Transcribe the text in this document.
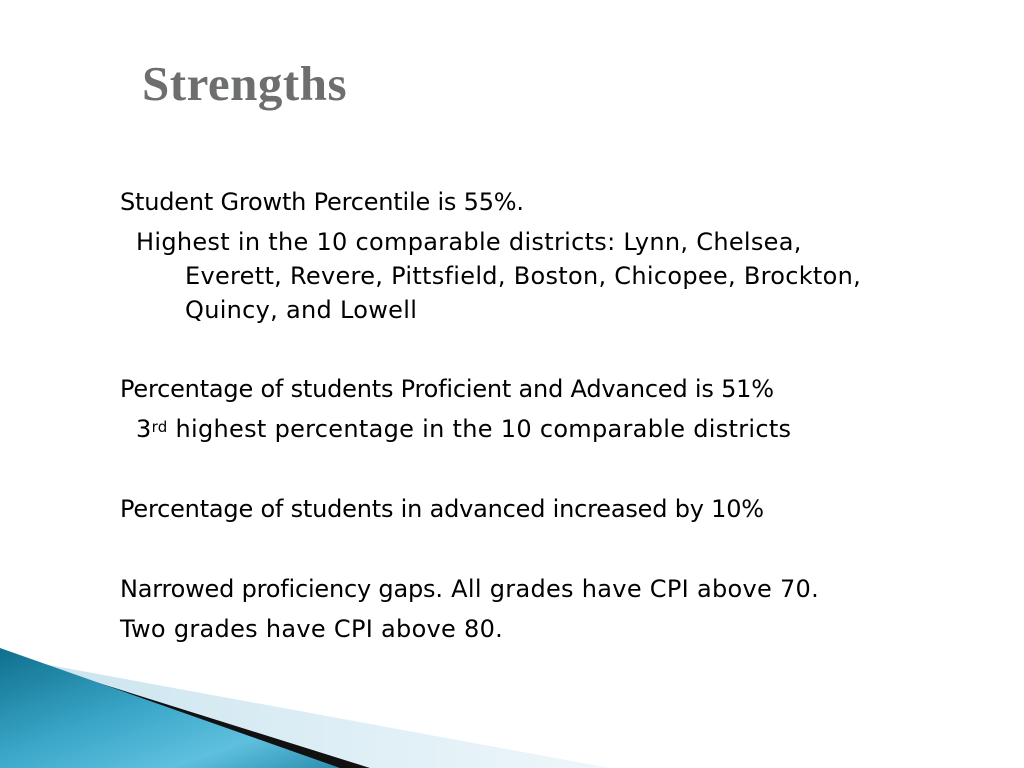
Strengths
Student Growth Percentile is 55%.
Highest in the 10 comparable districts: Lynn, Chelsea,
Everett, Revere, Pittsfield, Boston, Chicopee, Brockton,
Quincy, and Lowell
Percentage of students Proficient and Advanced is 51%
3rd highest percentage in the 10 comparable districts
Percentage of students in advanced increased by 10%
Narrowed proficiency gaps. All grades have CPI above 70.
Two grades have CPI above 80.
